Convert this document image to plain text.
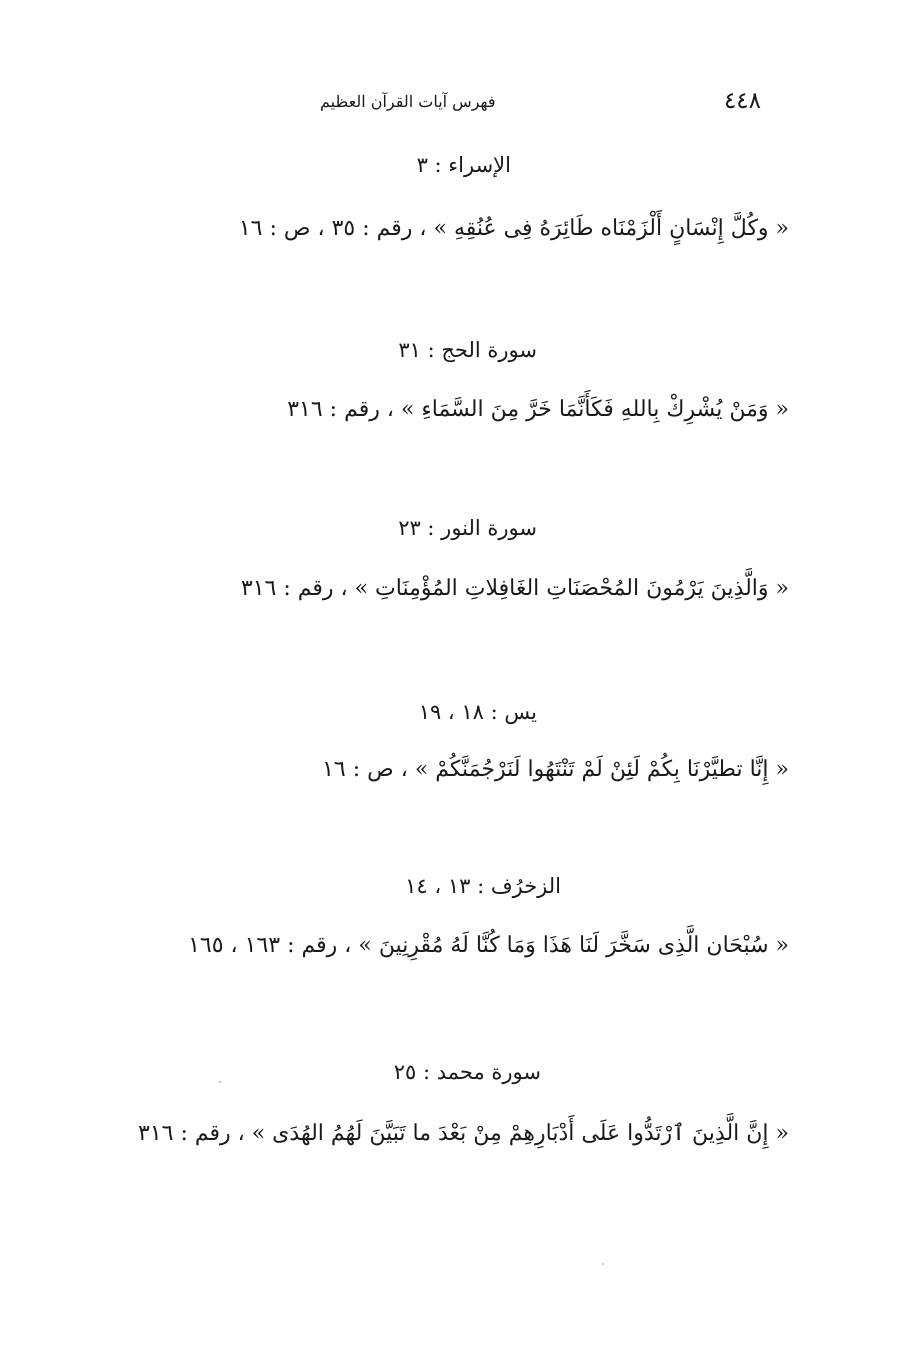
٤٤٨
فهرس آيات القرآن العظيم
الإسراء : ٣
« وكُلَّ إِنْسَانٍ أَلْزَمْنَاه طَائِرَهُ فِى عُنُقِهِ » ، رقم : ٣٥ ، ص : ١٦
سورة الحج : ٣١
« وَمَنْ يُشْرِكْ بِاللهِ فَكَأَنَّمَا خَرَّ مِنَ السَّمَاءِ » ، رقم : ٣١٦
سورة النور : ٢٣
« وَالَّذِينَ يَرْمُونَ المُحْصَنَاتِ الغَافِلاتِ المُؤْمِنَاتِ » ، رقم : ٣١٦
يس : ١٨ ، ١٩
« إِنَّا تطيَّرْنَا بِكُمْ لَئِنْ لَمْ تَنْتَهُوا لَنَرْجُمَنَّكُمْ » ، ص : ١٦
الزخرُف : ١٣ ، ١٤
« سُبْحَان الَّذِى سَخَّرَ لَنَا هَذَا وَمَا كُنَّا لَهُ مُقْرِنِينَ » ، رقم : ١٦٣ ، ١٦٥
سورة محمد : ٢٥
« إِنَّ الَّذِينَ ٱرْتَدُّوا عَلَى أَدْبَارِهِمْ مِنْ بَعْدَ ما تَبَيَّنَ لَهُمُ الهُدَى » ، رقم : ٣١٦
